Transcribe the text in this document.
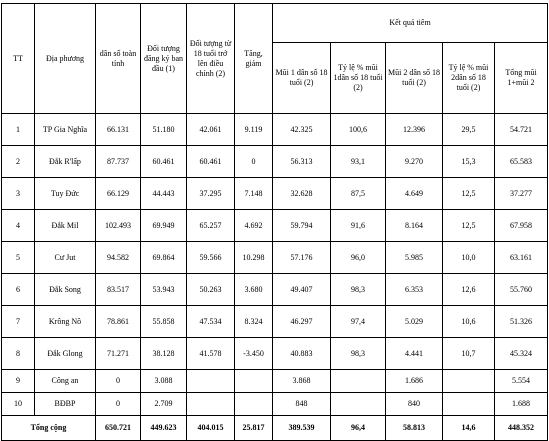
TT	Địa phương	dân số toàn tỉnh	Đối tượng đăng ký ban đầu (1)	Đối tượng từ 18 tuổi trở lên điều chỉnh (2)	Tăng, giảm	Kết quả tiêm				
						Mũi 1 dân số 18 tuổi (2)	Tỷ lệ % mũi 1dân số 18 tuổi (2)	Mũi 2 dân số 18 tuổi (2)	Tỷ lệ % mũi 2dân số 18 tuổi (2)	Tổng mũi 1+mũi 2
1	TP Gia Nghĩa	66.131	51.180	42.061	9.119	42.325	100,6	12.396	29,5	54.721
2	Đắk R'lấp	87.737	60.461	60.461	0	56.313	93,1	9.270	15,3	65.583
3	Tuy Đức	66.129	44.443	37.295	7.148	32.628	87,5	4.649	12,5	37.277
4	Đắk Mil	102.493	69.949	65.257	4.692	59.794	91,6	8.164	12,5	67.958
5	Cư Jut	94.582	69.864	59.566	10.298	57.176	96,0	5.985	10,0	63.161
6	Đắk Song	83.517	53.943	50.263	3.680	49.407	98,3	6.353	12,6	55.760
7	Krông Nô	78.861	55.858	47.534	8.324	46.297	97,4	5.029	10,6	51.326
8	Đắk Glong	71.271	38.128	41.578	-3.450	40.883	98,3	4.441	10,7	45.324
9	Công an	0	3.088			3.868		1.686		5.554
10	BĐBP	0	2.709			848		840		1.688
Tổng cộng		650.721	449.623	404.015	25.817	389.539	96,4	58.813	14,6	448.352
